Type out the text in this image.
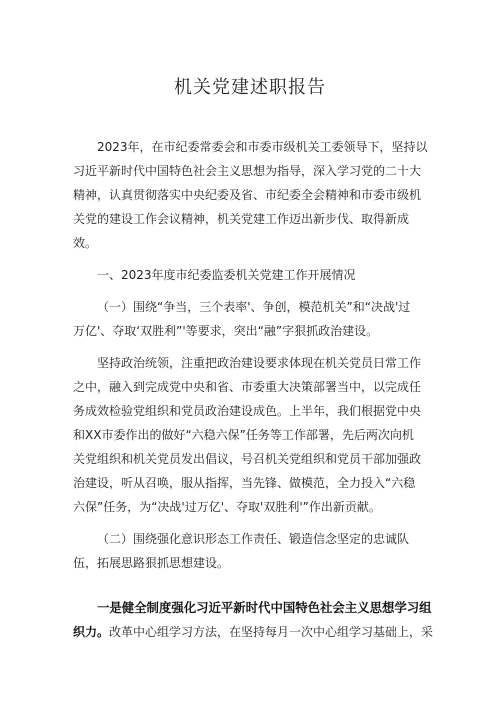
机关党建述职报告
2023年，在市纪委常委会和市委市级机关工委领导下，坚持以
习近平新时代中国特色社会主义思想为指导，深入学习党的二十大
精神，认真贯彻落实中央纪委及省、市纪委全会精神和市委市级机
关党的建设工作会议精神，机关党建工作迈出新步伐、取得新成
效。
一、2023年度市纪委监委机关党建工作开展情况
（一）围绕“争当，三个表率'、争创，模范机关”和“决战'过
万亿'、夺取‘双胜利”'等要求，突出“融”字狠抓政治建设。
坚持政治统领，注重把政治建设要求体现在机关党员日常工作
之中，融入到完成党中央和省、市委重大决策部署当中，以完成任
务成效检验党组织和党员政治建设成色。上半年，我们根据党中央
和XX市委作出的做好“六稳六保”任务等工作部署，先后两次向机
关党组织和机关党员发出倡议，号召机关党组织和党员干部加强政
治建设，听从召唤，服从指挥，当先锋、做模范，全力投入“六稳
六保”任务，为“决战'过万亿'、夺取'双胜利'”作出新贡献。
（二）围绕强化意识形态工作责任、锻造信念坚定的忠诚队
伍，拓展思路狠抓思想建设。
一是健全制度强化习近平新时代中国特色社会主义思想学习组
织力。改革中心组学习方法，在坚持每月一次中心组学习基础上，采
